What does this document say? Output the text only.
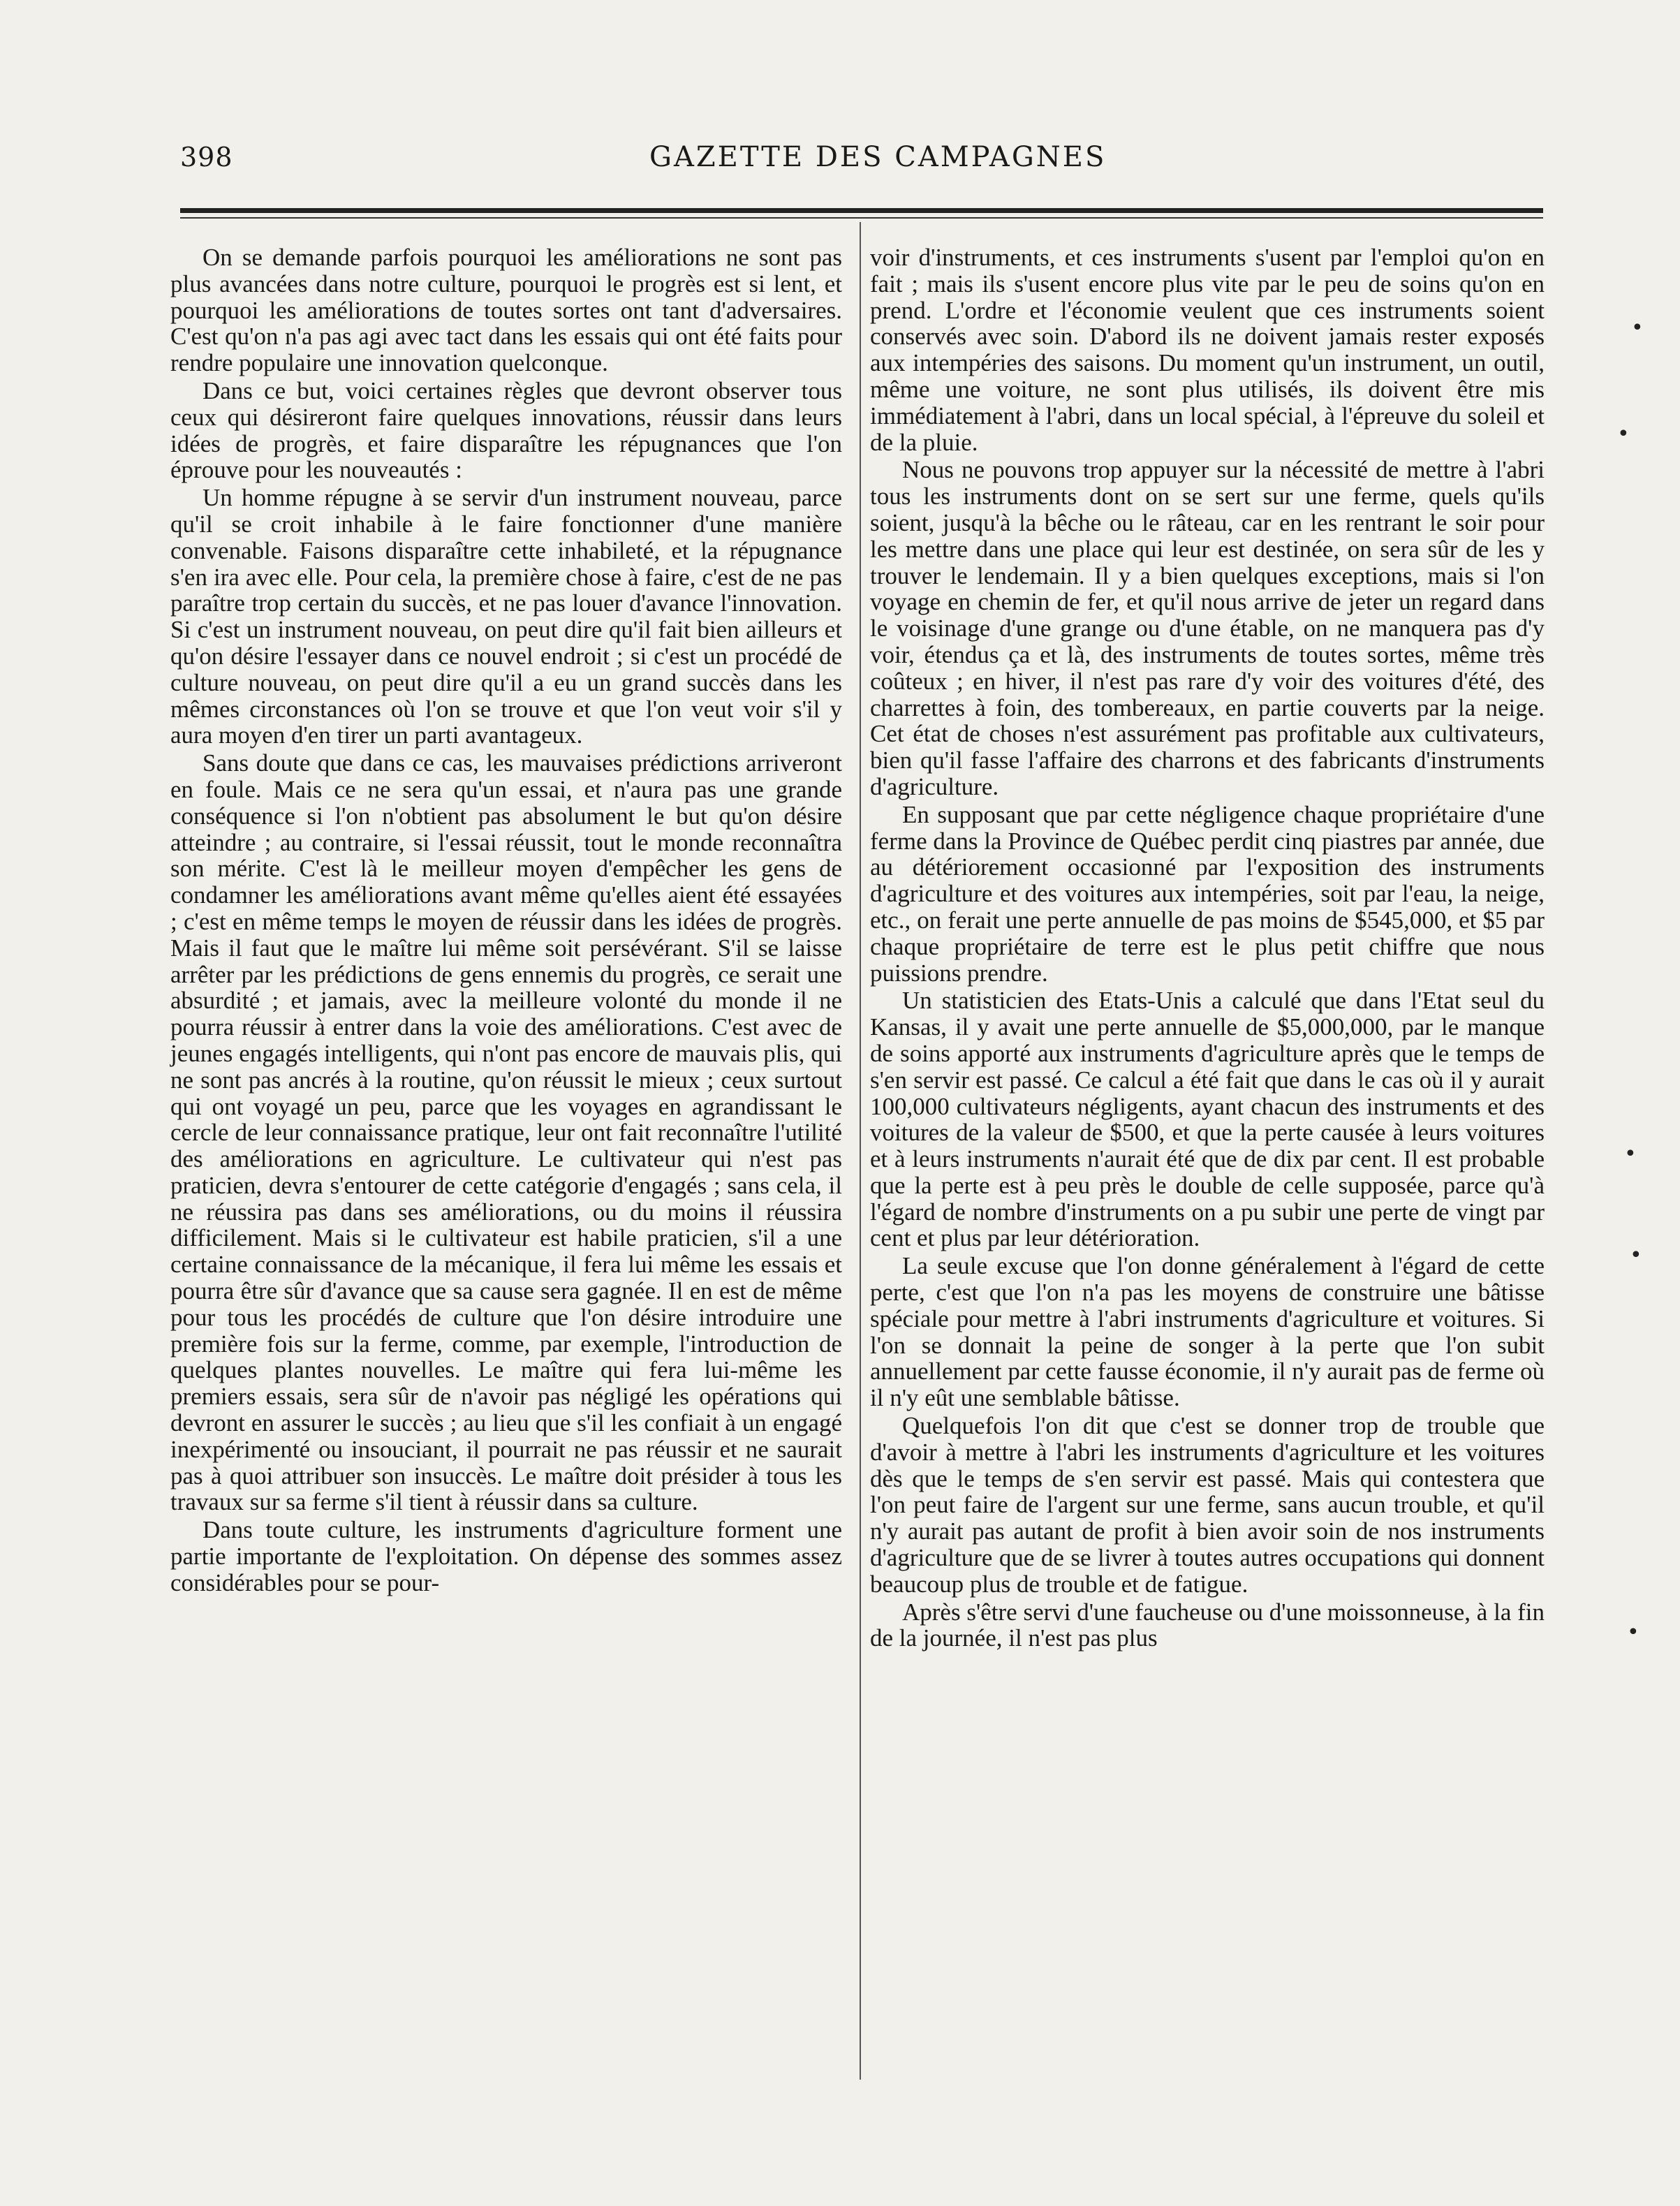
398	GAZETTE DES CAMPAGNES

On se demande parfois pourquoi les améliorations ne sont pas plus avancées dans notre culture, pourquoi le progrès est si lent, et pourquoi les améliorations de toutes sortes ont tant d'adversaires. C'est qu'on n'a pas agi avec tact dans les essais qui ont été faits pour rendre populaire une innovation quelconque.

Dans ce but, voici certaines règles que devront observer tous ceux qui désireront faire quelques innovations, réussir dans leurs idées de progrès, et faire disparaître les répugnances que l'on éprouve pour les nouveautés :

Un homme répugne à se servir d'un instrument nouveau, parce qu'il se croit inhabile à le faire fonctionner d'une manière convenable. Faisons disparaître cette inhabileté, et la répugnance s'en ira avec elle. Pour cela, la première chose à faire, c'est de ne pas paraître trop certain du succès, et ne pas louer d'avance l'innovation. Si c'est un instrument nouveau, on peut dire qu'il fait bien ailleurs et qu'on désire l'essayer dans ce nouvel endroit ; si c'est un procédé de culture nouveau, on peut dire qu'il a eu un grand succès dans les mêmes circonstances où l'on se trouve et que l'on veut voir s'il y aura moyen d'en tirer un parti avantageux.

Sans doute que dans ce cas, les mauvaises prédictions arriveront en foule. Mais ce ne sera qu'un essai, et n'aura pas une grande conséquence si l'on n'obtient pas absolument le but qu'on désire atteindre ; au contraire, si l'essai réussit, tout le monde reconnaîtra son mérite. C'est là le meilleur moyen d'empêcher les gens de condamner les améliorations avant même qu'elles aient été essayées ; c'est en même temps le moyen de réussir dans les idées de progrès. Mais il faut que le maître lui même soit persévérant. S'il se laisse arrêter par les prédictions de gens ennemis du progrès, ce serait une absurdité ; et jamais, avec la meilleure volonté du monde il ne pourra réussir à entrer dans la voie des améliorations. C'est avec de jeunes engagés intelligents, qui n'ont pas encore de mauvais plis, qui ne sont pas ancrés à la routine, qu'on réussit le mieux ; ceux surtout qui ont voyagé un peu, parce que les voyages en agrandissant le cercle de leur connaissance pratique, leur ont fait reconnaître l'utilité des améliorations en agriculture. Le cultivateur qui n'est pas praticien, devra s'entourer de cette catégorie d'engagés ; sans cela, il ne réussira pas dans ses améliorations, ou du moins il réussira difficilement. Mais si le cultivateur est habile praticien, s'il a une certaine connaissance de la mécanique, il fera lui même les essais et pourra être sûr d'avance que sa cause sera gagnée. Il en est de même pour tous les procédés de culture que l'on désire introduire une première fois sur la ferme, comme, par exemple, l'introduction de quelques plantes nouvelles. Le maître qui fera lui-même les premiers essais, sera sûr de n'avoir pas négligé les opérations qui devront en assurer le succès ; au lieu que s'il les confiait à un engagé inexpérimenté ou insouciant, il pourrait ne pas réussir et ne saurait pas à quoi attribuer son insuccès. Le maître doit présider à tous les travaux sur sa ferme s'il tient à réussir dans sa culture.

Dans toute culture, les instruments d'agriculture forment une partie importante de l'exploitation. On dépense des sommes assez considérables pour se pour-

voir d'instruments, et ces instruments s'usent par l'emploi qu'on en fait ; mais ils s'usent encore plus vite par le peu de soins qu'on en prend. L'ordre et l'économie veulent que ces instruments soient conservés avec soin. D'abord ils ne doivent jamais rester exposés aux intempéries des saisons. Du moment qu'un instrument, un outil, même une voiture, ne sont plus utilisés, ils doivent être mis immédiatement à l'abri, dans un local spécial, à l'épreuve du soleil et de la pluie.

Nous ne pouvons trop appuyer sur la nécessité de mettre à l'abri tous les instruments dont on se sert sur une ferme, quels qu'ils soient, jusqu'à la bêche ou le râteau, car en les rentrant le soir pour les mettre dans une place qui leur est destinée, on sera sûr de les y trouver le lendemain. Il y a bien quelques exceptions, mais si l'on voyage en chemin de fer, et qu'il nous arrive de jeter un regard dans le voisinage d'une grange ou d'une étable, on ne manquera pas d'y voir, étendus ça et là, des instruments de toutes sortes, même très coûteux ; en hiver, il n'est pas rare d'y voir des voitures d'été, des charrettes à foin, des tombereaux, en partie couverts par la neige. Cet état de choses n'est assurément pas profitable aux cultivateurs, bien qu'il fasse l'affaire des charrons et des fabricants d'instruments d'agriculture.

En supposant que par cette négligence chaque propriétaire d'une ferme dans la Province de Québec perdit cinq piastres par année, due au détériorement occasionné par l'exposition des instruments d'agriculture et des voitures aux intempéries, soit par l'eau, la neige, etc., on ferait une perte annuelle de pas moins de $545,000, et $5 par chaque propriétaire de terre est le plus petit chiffre que nous puissions prendre.

Un statisticien des Etats-Unis a calculé que dans l'Etat seul du Kansas, il y avait une perte annuelle de $5,000,000, par le manque de soins apporté aux instruments d'agriculture après que le temps de s'en servir est passé. Ce calcul a été fait que dans le cas où il y aurait 100,000 cultivateurs négligents, ayant chacun des instruments et des voitures de la valeur de $500, et que la perte causée à leurs voitures et à leurs instruments n'aurait été que de dix par cent. Il est probable que la perte est à peu près le double de celle supposée, parce qu'à l'égard de nombre d'instruments on a pu subir une perte de vingt par cent et plus par leur détérioration.

La seule excuse que l'on donne généralement à l'égard de cette perte, c'est que l'on n'a pas les moyens de construire une bâtisse spéciale pour mettre à l'abri instruments d'agriculture et voitures. Si l'on se donnait la peine de songer à la perte que l'on subit annuellement par cette fausse économie, il n'y aurait pas de ferme où il n'y eût une semblable bâtisse.

Quelquefois l'on dit que c'est se donner trop de trouble que d'avoir à mettre à l'abri les instruments d'agriculture et les voitures dès que le temps de s'en servir est passé. Mais qui contestera que l'on peut faire de l'argent sur une ferme, sans aucun trouble, et qu'il n'y aurait pas autant de profit à bien avoir soin de nos instruments d'agriculture que de se livrer à toutes autres occupations qui donnent beaucoup plus de trouble et de fatigue.

Après s'être servi d'une faucheuse ou d'une moissonneuse, à la fin de la journée, il n'est pas plus

•
•
•
•
•
